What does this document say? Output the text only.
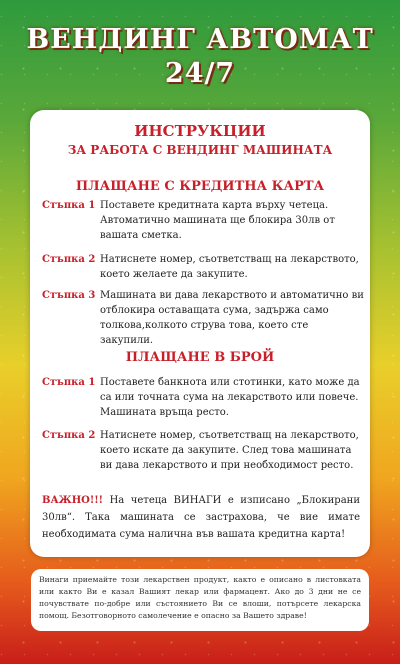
ВЕНДИНГ АВТОМАТ
24/7
ИНСТРУКЦИИ
ЗА РАБОТА С ВЕНДИНГ МАШИНАТА
ПЛАЩАНЕ С КРЕДИТНА КАРТА
Стъпка 1 Поставете кредитната карта върху четеца. Автоматично машината ще блокира 30лв от вашата сметка.
Стъпка 2 Натиснете номер, съответстващ на лекарството, което желаете да закупите.
Стъпка 3 Машината ви дава лекарството и автоматично ви отблокира оставащата сума, задържа само толкова,колкото струва това, което сте закупили.
ПЛАЩАНЕ В БРОЙ
Стъпка 1 Поставете банкнота или стотинки, като може да са или точната сума на лекарството или повече. Машината връща ресто.
Стъпка 2 Натиснете номер, съответстващ на лекарството, което искате да закупите. След това машината ви дава лекарството и при необходимост ресто.
ВАЖНО!!! На четеца ВИНАГИ е изписано „Блокирани 30лв“. Така машината се застрахова, че вие имате необходимата сума налична във вашата кредитна карта!
Винаги приемайте този лекарствен продукт, както е описано в листовката или както Ви е казал Вашият лекар или фармацевт. Ако до 3 дни не се почувствате по-добре или състоянието Ви се влоши, потърсете лекарска помощ. Безотговорното самолечение е опасно за Вашето здраве!
